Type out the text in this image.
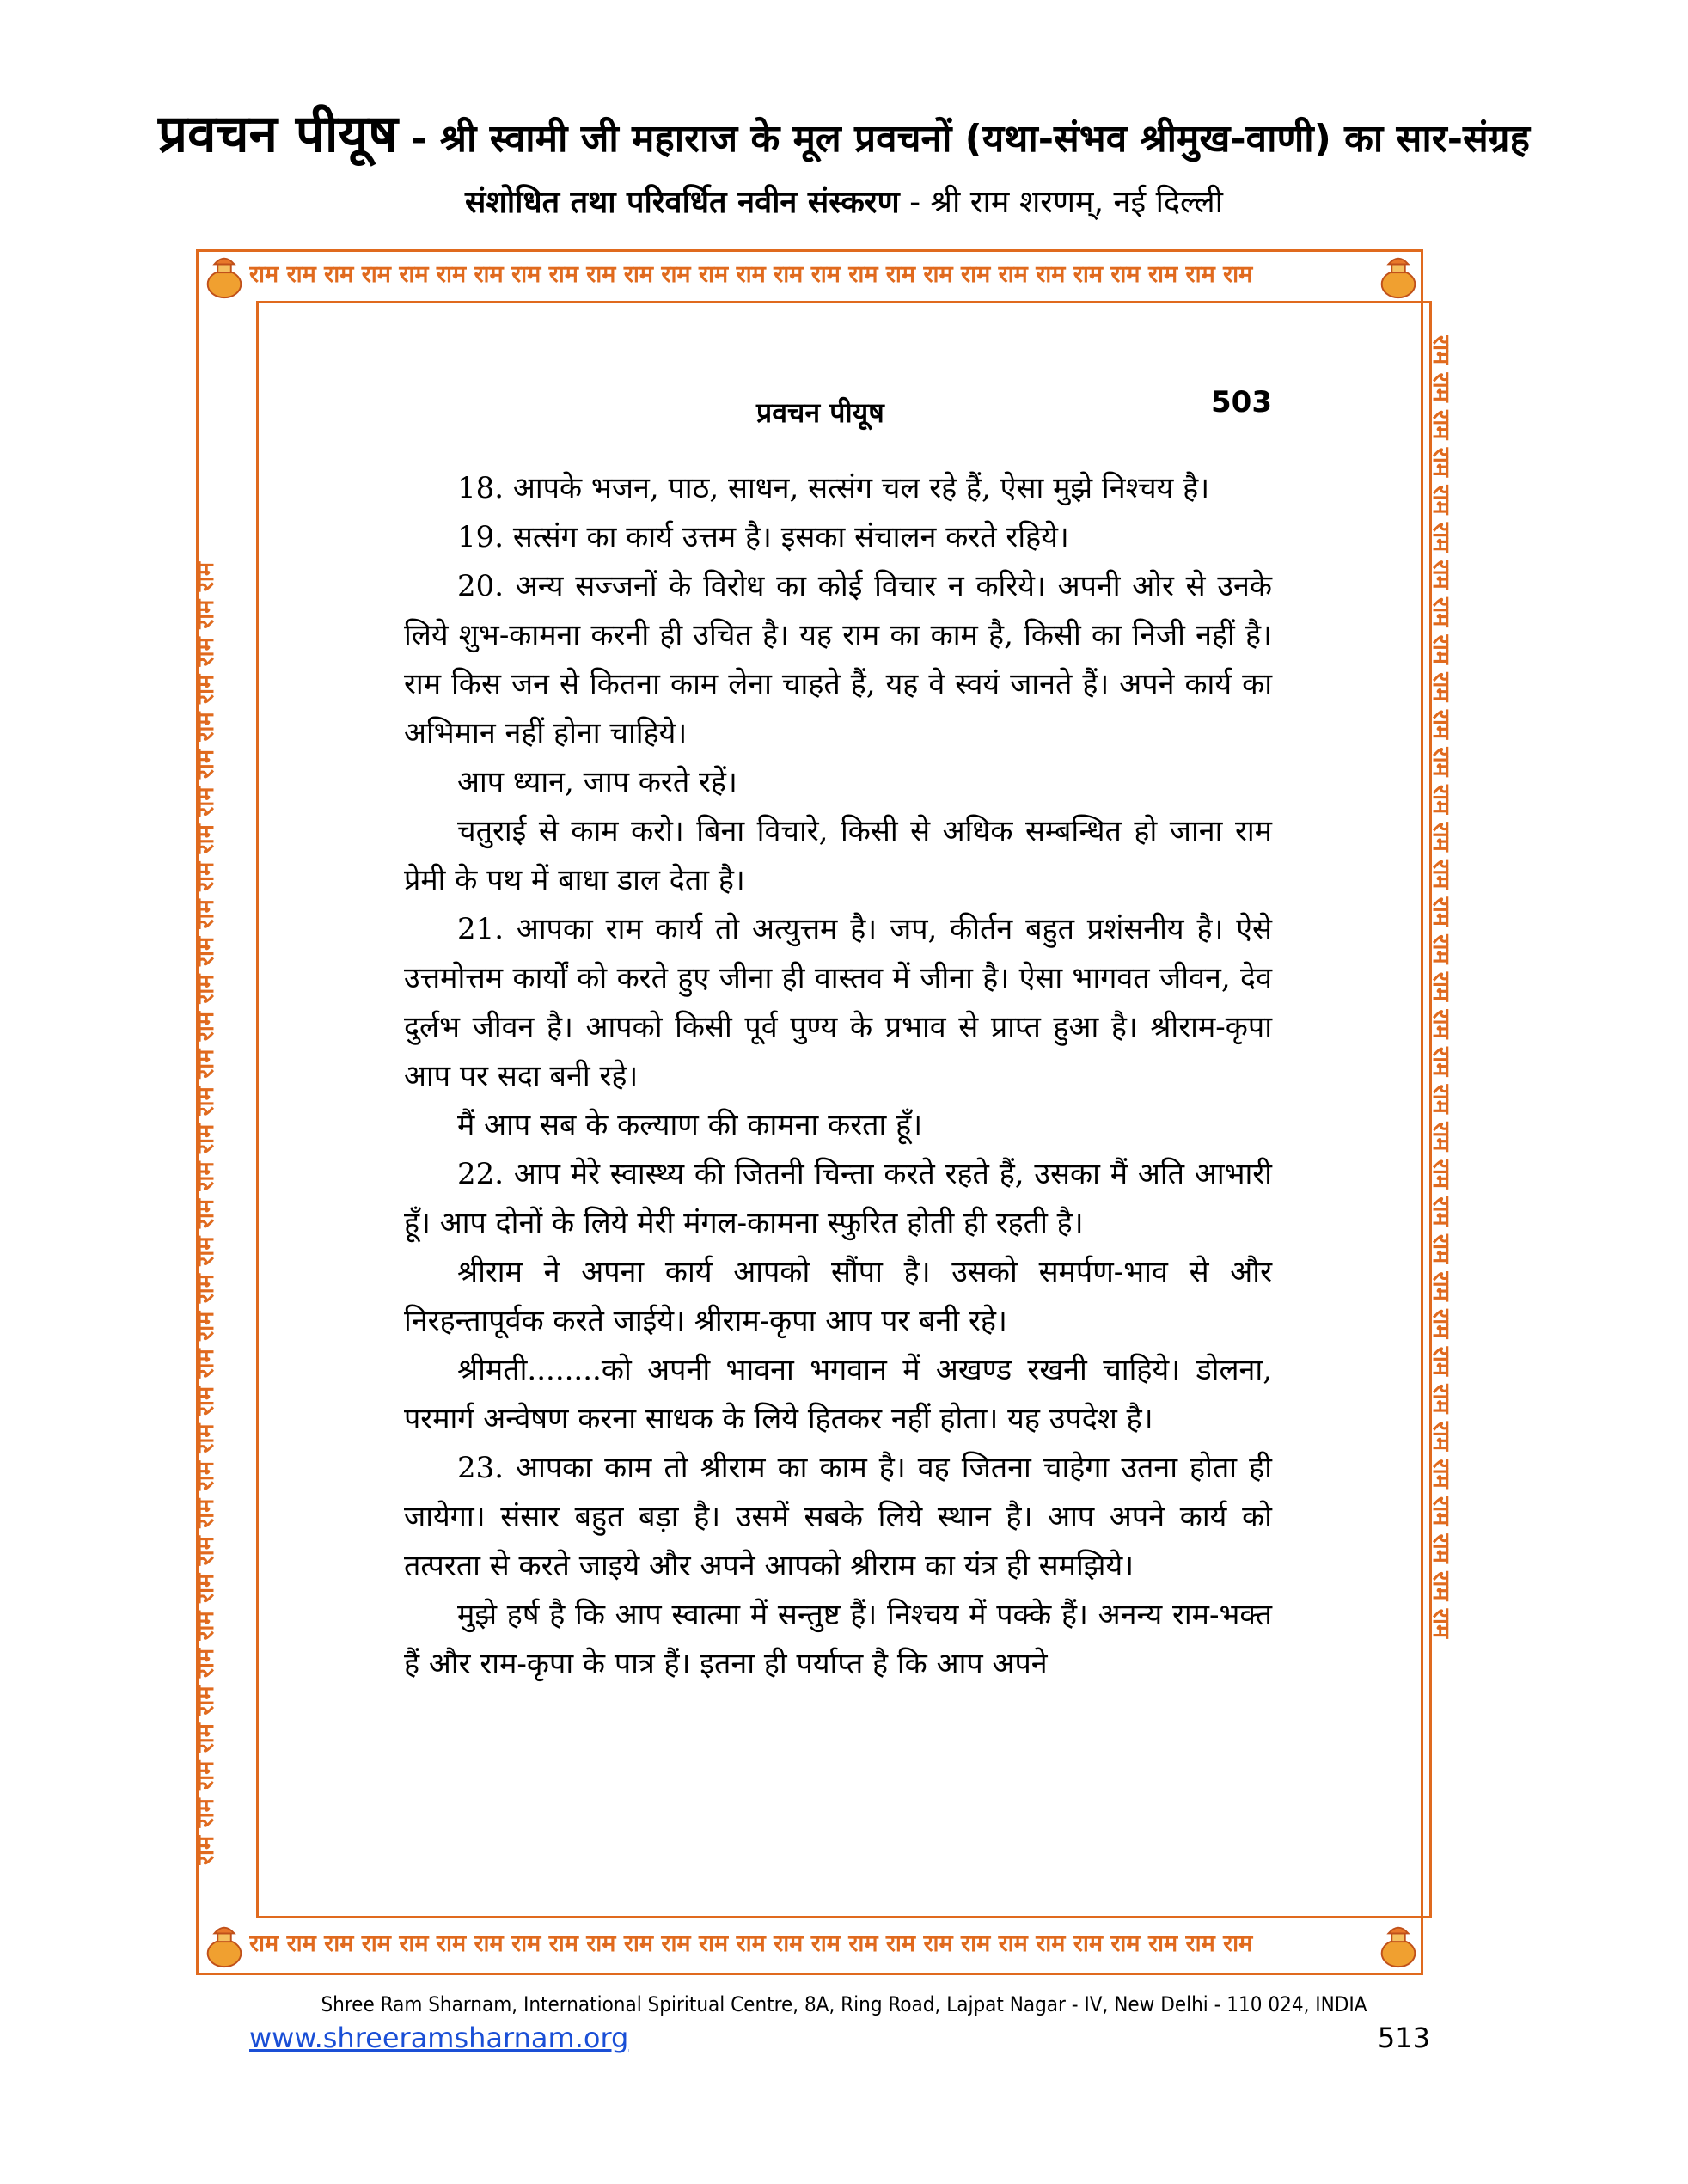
प्रवचन पीयूष - श्री स्वामी जी महाराज के मूल प्रवचनों (यथा-संभव श्रीमुख-वाणी) का सार-संग्रह
संशोधित तथा परिवर्धित नवीन संस्करण - श्री राम शरणम्, नई दिल्ली
राम राम राम राम राम राम राम राम राम राम राम राम राम राम राम राम राम राम राम राम राम राम राम राम राम राम राम
राम राम राम राम राम राम राम राम राम राम राम राम राम राम राम राम राम राम राम राम राम राम राम राम राम राम राम
राम राम राम राम राम राम राम राम राम राम राम राम राम राम राम राम राम राम राम राम राम राम राम राम राम राम राम राम राम राम राम राम राम राम राम	राम राम राम राम राम राम राम राम राम राम राम राम राम राम राम राम राम राम राम राम राम राम राम राम राम राम राम राम राम राम राम राम राम राम राम
प्रवचन पीयूष	503

18. आपके भजन, पाठ, साधन, सत्संग चल रहे हैं, ऐसा मुझे निश्चय है।

19. सत्संग का कार्य उत्तम है। इसका संचालन करते रहिये।

20. अन्य सज्जनों के विरोध का कोई विचार न करिये। अपनी ओर से उनके लिये शुभ-कामना करनी ही उचित है। यह राम का काम है, किसी का निजी नहीं है। राम किस जन से कितना काम लेना चाहते हैं, यह वे स्वयं जानते हैं। अपने कार्य का अभिमान नहीं होना चाहिये।

आप ध्यान, जाप करते रहें।

चतुराई से काम करो। बिना विचारे, किसी से अधिक सम्बन्धित हो जाना राम प्रेमी के पथ में बाधा डाल देता है।

21. आपका राम कार्य तो अत्युत्तम है। जप, कीर्तन बहुत प्रशंसनीय है। ऐसे उत्तमोत्तम कार्यों को करते हुए जीना ही वास्तव में जीना है। ऐसा भागवत जीवन, देव दुर्लभ जीवन है। आपको किसी पूर्व पुण्य के प्रभाव से प्राप्त हुआ है। श्रीराम-कृपा आप पर सदा बनी रहे।

मैं आप सब के कल्याण की कामना करता हूँ।

22. आप मेरे स्वास्थ्य की जितनी चिन्ता करते रहते हैं, उसका मैं अति आभारी हूँ। आप दोनों के लिये मेरी मंगल-कामना स्फुरित होती ही रहती है।

श्रीराम ने अपना कार्य आपको सौंपा है। उसको समर्पण-भाव से और निरहन्तापूर्वक करते जाईये। श्रीराम-कृपा आप पर बनी रहे।

श्रीमती........को अपनी भावना भगवान में अखण्ड रखनी चाहिये। डोलना, परमार्ग अन्वेषण करना साधक के लिये हितकर नहीं होता। यह उपदेश है।

23. आपका काम तो श्रीराम का काम है। वह जितना चाहेगा उतना होता ही जायेगा। संसार बहुत बड़ा है। उसमें सबके लिये स्थान है। आप अपने कार्य को तत्परता से करते जाइये और अपने आपको श्रीराम का यंत्र ही समझिये।

मुझे हर्ष है कि आप स्वात्मा में सन्तुष्ट हैं। निश्चय में पक्के हैं। अनन्य राम-भक्त हैं और राम-कृपा के पात्र हैं। इतना ही पर्याप्त है कि आप अपने

Shree Ram Sharnam, International Spiritual Centre, 8A, Ring Road, Lajpat Nagar - IV, New Delhi - 110 024, INDIA
www.shreeramsharnam.org	513
